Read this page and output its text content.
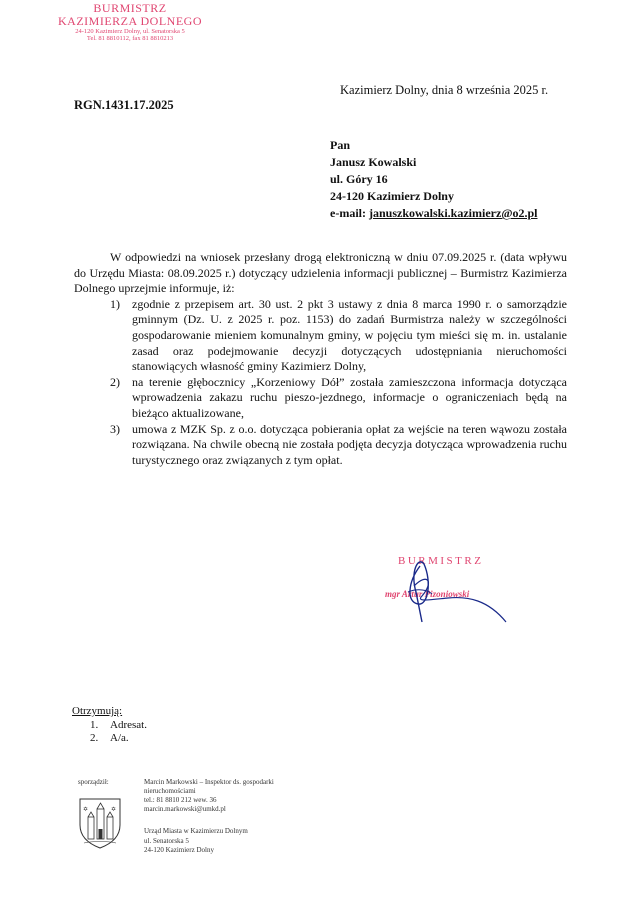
BURMISTRZ
KAZIMIERZA DOLNEGO
24-120 Kazimierz Dolny, ul. Senatorska 5
Tel. 81 8810112, fax 81 8810213
Kazimierz Dolny, dnia 8 września 2025 r.
RGN.1431.17.2025
Pan
Janusz Kowalski
ul. Góry 16
24-120 Kazimierz Dolny
e-mail: januszkowalski.kazimierz@o2.pl

W odpowiedzi na wniosek przesłany drogą elektroniczną w dniu 07.09.2025 r. (data wpływu do Urzędu Miasta: 08.09.2025 r.) dotyczący udzielenia informacji publicznej – Burmistrz Kazimierza Dolnego uprzejmie informuje, iż:

1) zgodnie z przepisem art. 30 ust. 2 pkt 3 ustawy z dnia 8 marca 1990 r. o samorządzie gminnym (Dz. U. z 2025 r. poz. 1153) do zadań Burmistrza należy w szczególności gospodarowanie mieniem komunalnym gminy, w pojęciu tym mieści się m. in. ustalanie zasad oraz podejmowanie decyzji dotyczących udostępniania nieruchomości stanowiących własność gminy Kazimierz Dolny,
2) na terenie głębocznicy „Korzeniowy Dół” została zamieszczona informacja dotycząca wprowadzenia zakazu ruchu pieszo-jezdnego, informacje o ograniczeniach będą na bieżąco aktualizowane,
3) umowa z MZK Sp. z o.o. dotycząca pobierania opłat za wejście na teren wąwozu została rozwiązana. Na chwile obecną nie została podjęta decyzja dotycząca wprowadzenia ruchu turystycznego oraz związanych z tym opłat.
BURMISTRZ
mgr Artur Pizoniowski
Otrzymują:
1. Adresat.
2. A/a.
sporządził:	Marcin Markowski – Inspektor ds. gospodarki nieruchomościami
tel.: 81 8810 212 wew. 36
marcin.markowski@umkd.pl
Urząd Miasta w Kazimierzu Dolnym
ul. Senatorska 5
24-120 Kazimierz Dolny
✡	✡
